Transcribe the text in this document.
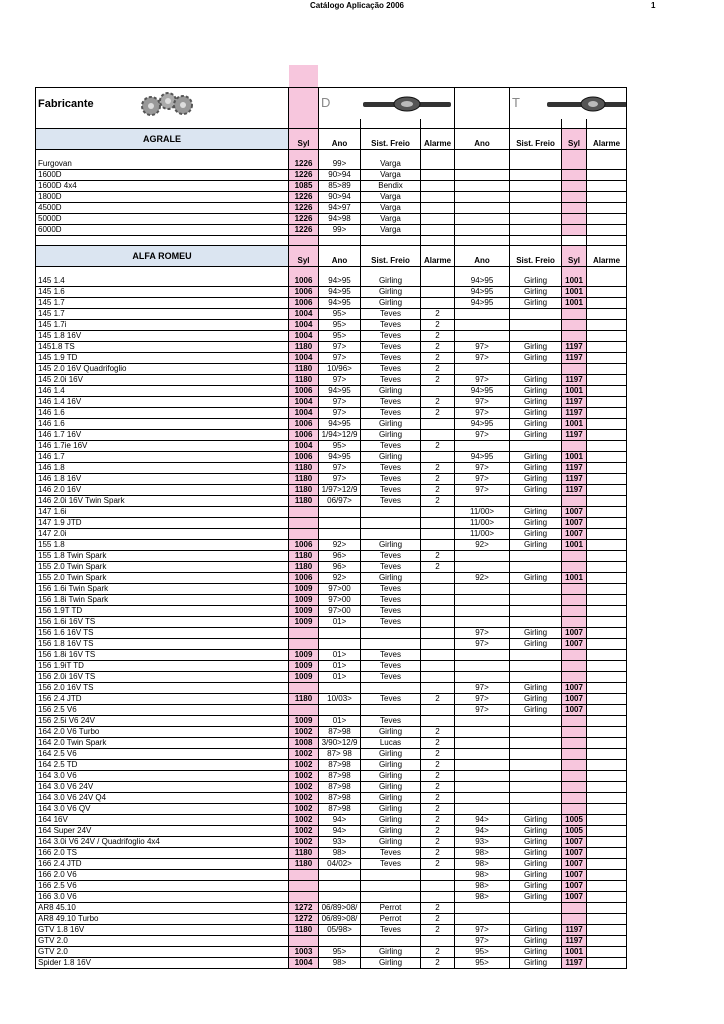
Catálogo Aplicação 2006	1
Fabricante		D				T		

AGRALE	Syl	Ano	Sist. Freio	Alarme	Ano	Sist. Freio	Syl	Alarme

Furgovan	1226	99>	Varga					
1600D	1226	90>94	Varga					
1600D 4x4	1085	85>89	Bendix					
1800D	1226	90>94	Varga					
4500D	1226	94>97	Varga					
5000D	1226	94>98	Varga					
6000D	1226	99>	Varga					

ALFA ROMEU	Syl	Ano	Sist. Freio	Alarme	Ano	Sist. Freio	Syl	Alarme

145 1.4	1006	94>95	Girling		94>95	Girling	1001	
145 1.6	1006	94>95	Girling		94>95	Girling	1001	
145 1.7	1006	94>95	Girling		94>95	Girling	1001	
145 1.7	1004	95>	Teves	2				
145 1.7i	1004	95>	Teves	2				
145 1.8 16V	1004	95>	Teves	2				
1451.8 TS	1180	97>	Teves	2	97>	Girling	1197	
145 1.9 TD	1004	97>	Teves	2	97>	Girling	1197	
145 2.0 16V Quadrifoglio	1180	10/96>	Teves	2				
145 2.0i 16V	1180	97>	Teves	2	97>	Girling	1197	
146 1.4	1006	94>95	Girling		94>95	Girling	1001	
146 1.4 16V	1004	97>	Teves	2	97>	Girling	1197	
146 1.6	1004	97>	Teves	2	97>	Girling	1197	
146 1.6	1006	94>95	Girling		94>95	Girling	1001	
146 1.7 16V	1006	1/94>12/9	Girling		97>	Girling	1197	
146 1.7ie 16V	1004	95>	Teves	2				
146 1.7	1006	94>95	Girling		94>95	Girling	1001	
146 1.8	1180	97>	Teves	2	97>	Girling	1197	
146 1.8 16V	1180	97>	Teves	2	97>	Girling	1197	
146 2.0 16V	1180	1/97>12/9	Teves	2	97>	Girling	1197	
146 2.0i 16V Twin Spark	1180	06/97>	Teves	2				
147 1.6i					11/00>	Girling	1007	
147 1.9 JTD					11/00>	Girling	1007	
147 2.0i					11/00>	Girling	1007	
155 1.8	1006	92>	Girling		92>	Girling	1001	
155 1.8 Twin Spark	1180	96>	Teves	2				
155 2.0 Twin Spark	1180	96>	Teves	2				
155 2.0 Twin Spark	1006	92>	Girling		92>	Girling	1001	
156 1.6i Twin Spark	1009	97>00	Teves					
156 1.8i Twin Spark	1009	97>00	Teves					
156 1.9T TD	1009	97>00	Teves					
156 1.6i 16V TS	1009	01>	Teves					
156 1.6 16V TS					97>	Girling	1007	
156 1.8 16V TS					97>	Girling	1007	
156 1.8i 16V TS	1009	01>	Teves					
156 1.9iT TD	1009	01>	Teves					
156 2.0i 16V TS	1009	01>	Teves					
156 2.0 16V TS					97>	Girling	1007	
156 2.4 JTD	1180	10/03>	Teves	2	97>	Girling	1007	
156 2.5 V6					97>	Girling	1007	
156 2.5i V6 24V	1009	01>	Teves					
164 2.0 V6 Turbo	1002	87>98	Girling	2				
164 2.0 Twin Spark	1008	3/90>12/9	Lucas	2				
164 2.5 V6	1002	87> 98	Girling	2				
164 2.5 TD	1002	87>98	Girling	2				
164 3.0 V6	1002	87>98	Girling	2				
164 3.0 V6 24V	1002	87>98	Girling	2				
164 3.0 V6 24V Q4	1002	87>98	Girling	2				
164 3.0 V6 QV	1002	87>98	Girling	2				
164 16V	1002	94>	Girling	2	94>	Girling	1005	
164 Super 24V	1002	94>	Girling	2	94>	Girling	1005	
164 3.0i V6 24V / Quadrifoglio 4x4	1002	93>	Girling	2	93>	Girling	1007	
166 2.0 TS	1180	98>	Teves	2	98>	Girling	1007	
166 2.4 JTD	1180	04/02>	Teves	2	98>	Girling	1007	
166 2.0 V6					98>	Girling	1007	
166 2.5 V6					98>	Girling	1007	
166 3.0 V6					98>	Girling	1007	
AR8 45.10	1272	06/89>08/	Perrot	2				
AR8 49.10 Turbo	1272	06/89>08/	Perrot	2				
GTV 1.8 16V	1180	05/98>	Teves	2	97>	Girling	1197	
GTV 2.0					97>	Girling	1197	
GTV 2.0	1003	95>	Girling	2	95>	Girling	1001	
Spider 1.8 16V	1004	98>	Girling	2	95>	Girling	1197	
